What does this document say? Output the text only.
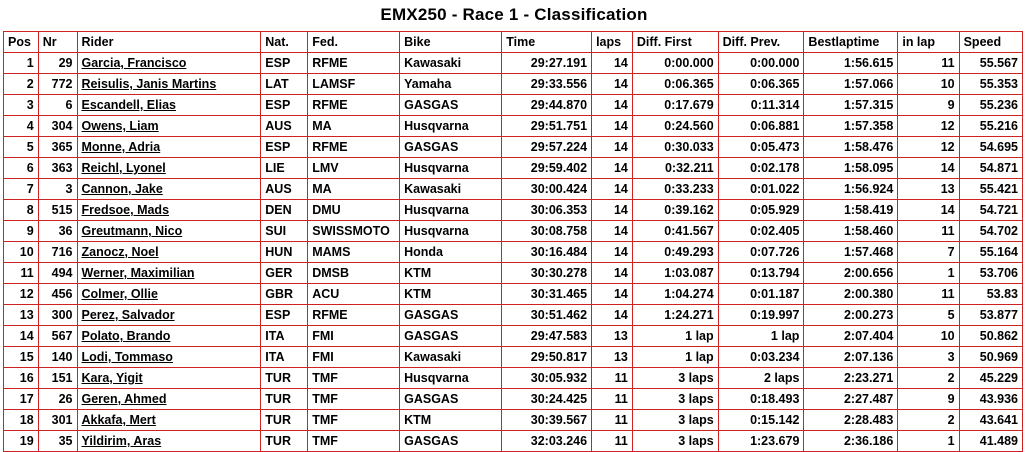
EMX250 - Race 1 - Classification
Pos	Nr	Rider	Nat.	Fed.	Bike	Time	laps	Diff. First	Diff. Prev.	Bestlaptime	in lap	Speed
1	29	Garcia, Francisco	ESP	RFME	Kawasaki	29:27.191	14	0:00.000	0:00.000	1:56.615	11	55.567
2	772	Reisulis, Janis Martins	LAT	LAMSF	Yamaha	29:33.556	14	0:06.365	0:06.365	1:57.066	10	55.353
3	6	Escandell, Elias	ESP	RFME	GASGAS	29:44.870	14	0:17.679	0:11.314	1:57.315	9	55.236
4	304	Owens, Liam	AUS	MA	Husqvarna	29:51.751	14	0:24.560	0:06.881	1:57.358	12	55.216
5	365	Monne, Adria	ESP	RFME	GASGAS	29:57.224	14	0:30.033	0:05.473	1:58.476	12	54.695
6	363	Reichl, Lyonel	LIE	LMV	Husqvarna	29:59.402	14	0:32.211	0:02.178	1:58.095	14	54.871
7	3	Cannon, Jake	AUS	MA	Kawasaki	30:00.424	14	0:33.233	0:01.022	1:56.924	13	55.421
8	515	Fredsoe, Mads	DEN	DMU	Husqvarna	30:06.353	14	0:39.162	0:05.929	1:58.419	14	54.721
9	36	Greutmann, Nico	SUI	SWISSMOTO	Husqvarna	30:08.758	14	0:41.567	0:02.405	1:58.460	11	54.702
10	716	Zanocz, Noel	HUN	MAMS	Honda	30:16.484	14	0:49.293	0:07.726	1:57.468	7	55.164
11	494	Werner, Maximilian	GER	DMSB	KTM	30:30.278	14	1:03.087	0:13.794	2:00.656	1	53.706
12	456	Colmer, Ollie	GBR	ACU	KTM	30:31.465	14	1:04.274	0:01.187	2:00.380	11	53.83
13	300	Perez, Salvador	ESP	RFME	GASGAS	30:51.462	14	1:24.271	0:19.997	2:00.273	5	53.877
14	567	Polato, Brando	ITA	FMI	GASGAS	29:47.583	13	1 lap	1 lap	2:07.404	10	50.862
15	140	Lodi, Tommaso	ITA	FMI	Kawasaki	29:50.817	13	1 lap	0:03.234	2:07.136	3	50.969
16	151	Kara, Yigit	TUR	TMF	Husqvarna	30:05.932	11	3 laps	2 laps	2:23.271	2	45.229
17	26	Geren, Ahmed	TUR	TMF	GASGAS	30:24.425	11	3 laps	0:18.493	2:27.487	9	43.936
18	301	Akkafa, Mert	TUR	TMF	KTM	30:39.567	11	3 laps	0:15.142	2:28.483	2	43.641
19	35	Yildirim, Aras	TUR	TMF	GASGAS	32:03.246	11	3 laps	1:23.679	2:36.186	1	41.489
